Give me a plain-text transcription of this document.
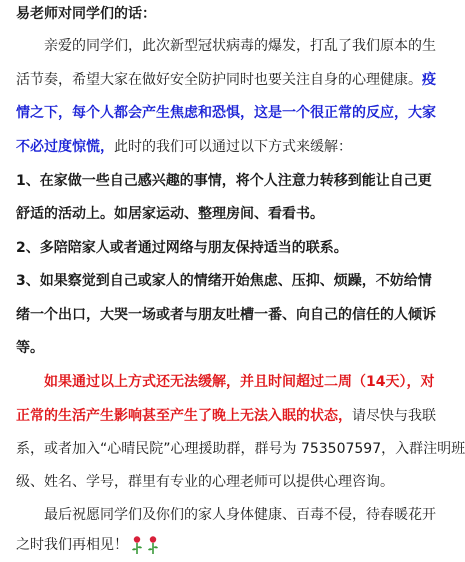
易老师对同学们的话：
亲爱的同学们，此次新型冠状病毒的爆发，打乱了我们原本的生
活节奏，希望大家在做好安全防护同时也要关注自身的心理健康。疫
情之下，每个人都会产生焦虑和恐惧，这是一个很正常的反应，大家
不必过度惊慌，此时的我们可以通过以下方式来缓解：
1、在家做一些自己感兴趣的事情，将个人注意力转移到能让自己更
舒适的活动上。如居家运动、整理房间、看看书。
2、多陪陪家人或者通过网络与朋友保持适当的联系。
3、如果察觉到自己或家人的情绪开始焦虑、压抑、烦躁，不妨给情
绪一个出口，大哭一场或者与朋友吐槽一番、向自己的信任的人倾诉
等。
如果通过以上方式还无法缓解，并且时间超过二周（14天），对
正常的生活产生影响甚至产生了晚上无法入眠的状态，请尽快与我联
系，或者加入“心晴民院”心理援助群，群号为 753507597，入群注明班
级、姓名、学号，群里有专业的心理老师可以提供心理咨询。
最后祝愿同学们及你们的家人身体健康、百毒不侵，待春暖花开
之时我们再相见！
